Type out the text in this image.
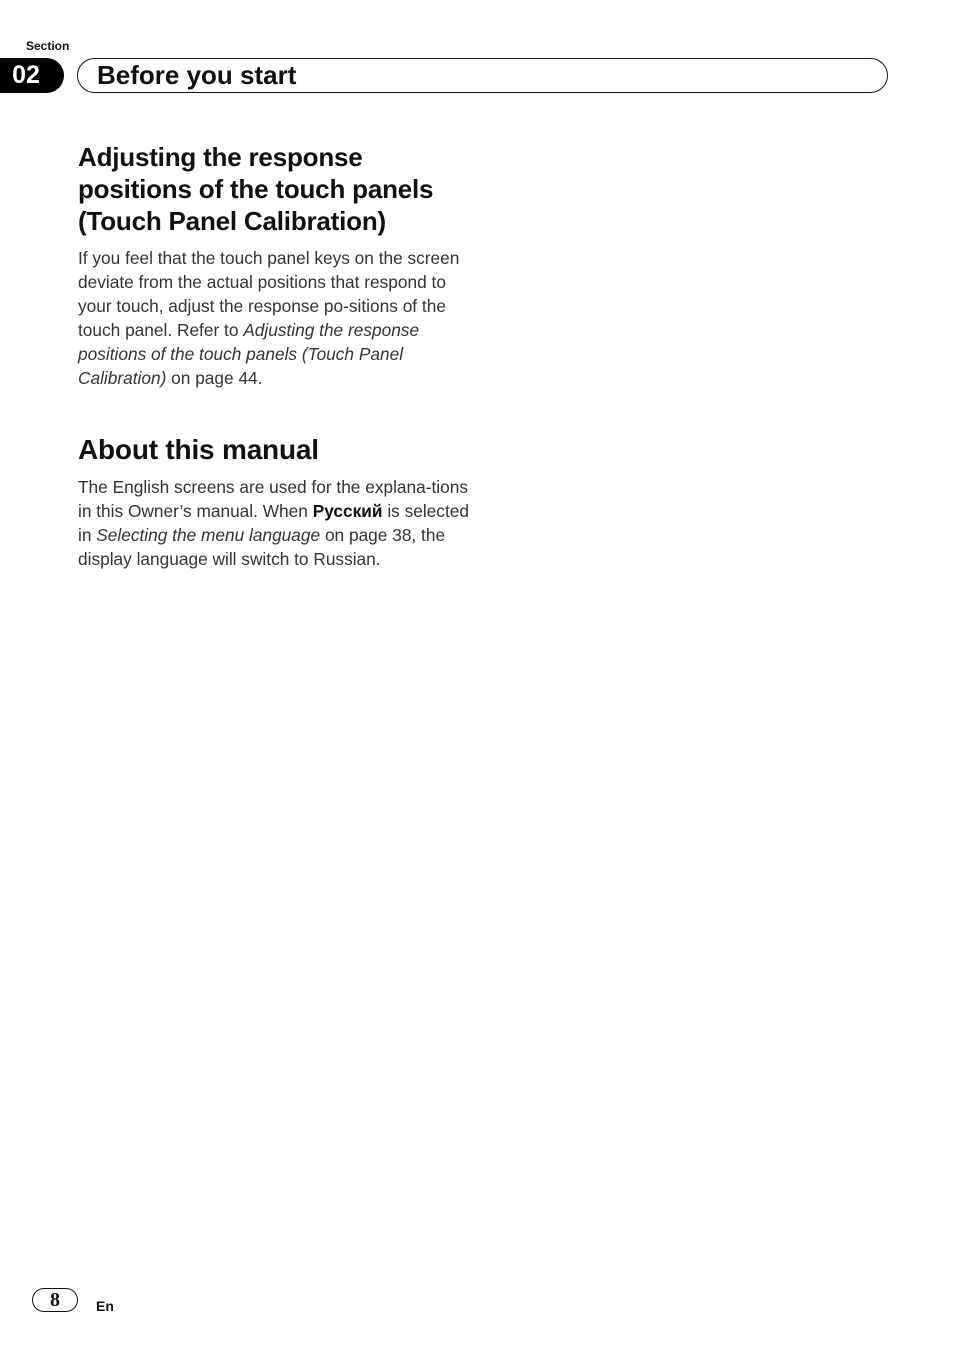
Section
02	Before you start
Adjusting the response positions of the touch panels (Touch Panel Calibration)

If you feel that the touch panel keys on the screen deviate from the actual positions that respond to your touch, adjust the response po-sitions of the touch panel. Refer to Adjusting the response positions of the touch panels (Touch Panel Calibration) on page 44.

About this manual

The English screens are used for the explana-tions in this Owner’s manual. When Русский is selected in Selecting the menu language on page 38, the display language will switch to Russian.

8	En
